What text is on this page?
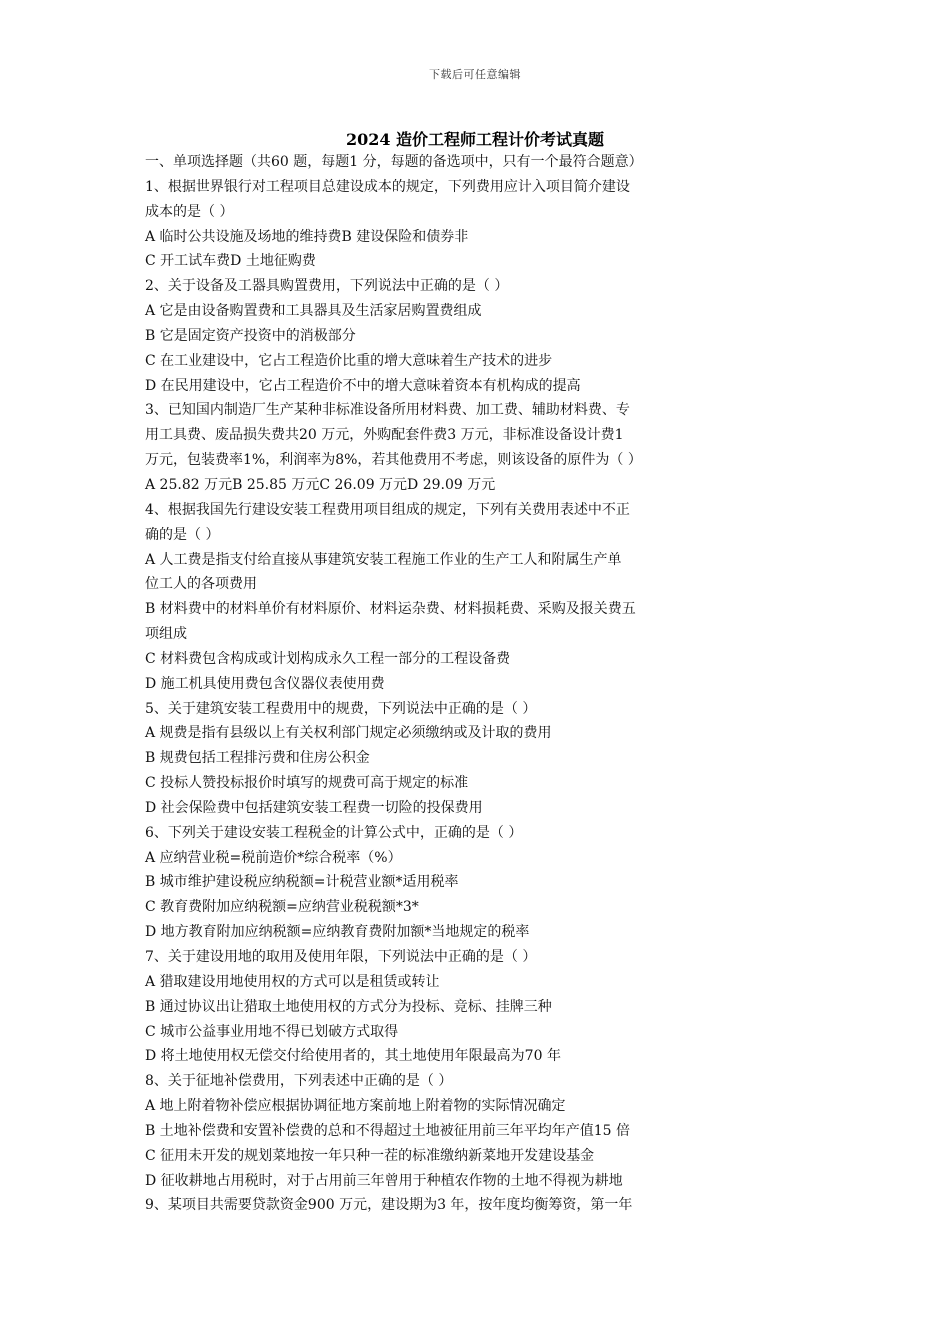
下载后可任意编辑
2024 造价工程师工程计价考试真题
一、单项选择题（共60 题，每题1 分，每题的备选项中，只有一个最符合题意）
1、根据世界银行对工程项目总建设成本的规定，下列费用应计入项目简介建设
成本的是（ ）
A 临时公共设施及场地的维持费B 建设保险和债券非
C 开工试车费D 土地征购费
2、关于设备及工器具购置费用，下列说法中正确的是（ ）
A 它是由设备购置费和工具器具及生活家居购置费组成
B 它是固定资产投资中的消极部分
C 在工业建设中，它占工程造价比重的增大意味着生产技术的进步
D 在民用建设中，它占工程造价不中的增大意味着资本有机构成的提高
3、已知国内制造厂生产某种非标准设备所用材料费、加工费、辅助材料费、专
用工具费、废品损失费共20 万元，外购配套件费3 万元，非标准设备设计费1
万元，包装费率1%，利润率为8%，若其他费用不考虑，则该设备的原件为（ ）
A 25.82 万元B 25.85 万元C 26.09 万元D 29.09 万元
4、根据我国先行建设安装工程费用项目组成的规定，下列有关费用表述中不正
确的是（ ）
A 人工费是指支付给直接从事建筑安装工程施工作业的生产工人和附属生产单
位工人的各项费用
B 材料费中的材料单价有材料原价、材料运杂费、材料损耗费、采购及报关费五
项组成
C 材料费包含构成或计划构成永久工程一部分的工程设备费
D 施工机具使用费包含仪器仪表使用费
5、关于建筑安装工程费用中的规费，下列说法中正确的是（ ）
A 规费是指有县级以上有关权利部门规定必须缴纳或及计取的费用
B 规费包括工程排污费和住房公积金
C 投标人赞投标报价时填写的规费可高于规定的标准
D 社会保险费中包括建筑安装工程费一切险的投保费用
6、下列关于建设安装工程税金的计算公式中，正确的是（ ）
A 应纳营业税=税前造价*综合税率（%）
B 城市维护建设税应纳税额=计税营业额*适用税率
C 教育费附加应纳税额=应纳营业税税额*3*
D 地方教育附加应纳税额=应纳教育费附加额*当地规定的税率
7、关于建设用地的取用及使用年限，下列说法中正确的是（ ）
A 猎取建设用地使用权的方式可以是租赁或转让
B 通过协议出让猎取土地使用权的方式分为投标、竞标、挂牌三种
C 城市公益事业用地不得已划破方式取得
D 将土地使用权无偿交付给使用者的，其土地使用年限最高为70 年
8、关于征地补偿费用，下列表述中正确的是（ ）
A 地上附着物补偿应根据协调征地方案前地上附着物的实际情况确定
B 土地补偿费和安置补偿费的总和不得超过土地被征用前三年平均年产值15 倍
C 征用未开发的规划菜地按一年只种一茬的标准缴纳新菜地开发建设基金
D 征收耕地占用税时，对于占用前三年曾用于种植农作物的土地不得视为耕地
9、某项目共需要贷款资金900 万元，建设期为3 年，按年度均衡筹资，第一年
